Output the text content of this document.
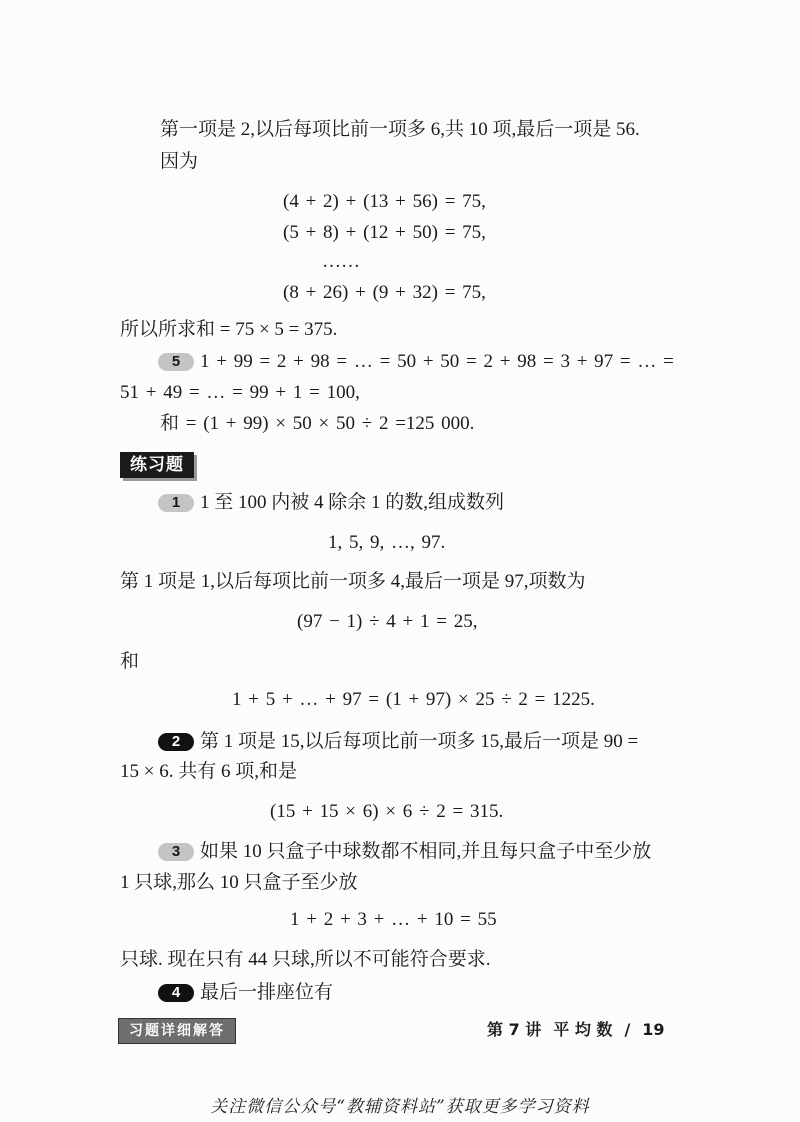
第一项是 2,以后每项比前一项多 6,共 10 项,最后一项是 56.
因为
(4 + 2) + (13 + 56) = 75,
(5 + 8) + (12 + 50) = 75,
……
(8 + 26) + (9 + 32) = 75,
所以所求和 = 75 × 5 = 375.
5	1 + 99 = 2 + 98 = … = 50 + 50 = 2 + 98 = 3 + 97 = … =
51 + 49 = … = 99 + 1 = 100,
和 = (1 + 99) × 50 × 50 ÷ 2 =125 000.
练习题
1	1 至 100 内被 4 除余 1 的数,组成数列
1, 5, 9, …, 97.
第 1 项是 1,以后每项比前一项多 4,最后一项是 97,项数为
(97 − 1) ÷ 4 + 1 = 25,
和
1 + 5 + … + 97 = (1 + 97) × 25 ÷ 2 = 1225.
2	第 1 项是 15,以后每项比前一项多 15,最后一项是 90 =
15 × 6. 共有 6 项,和是
(15 + 15 × 6) × 6 ÷ 2 = 315.
3	如果 10 只盒子中球数都不相同,并且每只盒子中至少放
1 只球,那么 10 只盒子至少放
1 + 2 + 3 + … + 10 = 55
只球. 现在只有 44 只球,所以不可能符合要求.
4	最后一排座位有
习题详细解答	第 7 讲 平 均 数 / 19
关注微信公众号“教辅资料站”获取更多学习资料
